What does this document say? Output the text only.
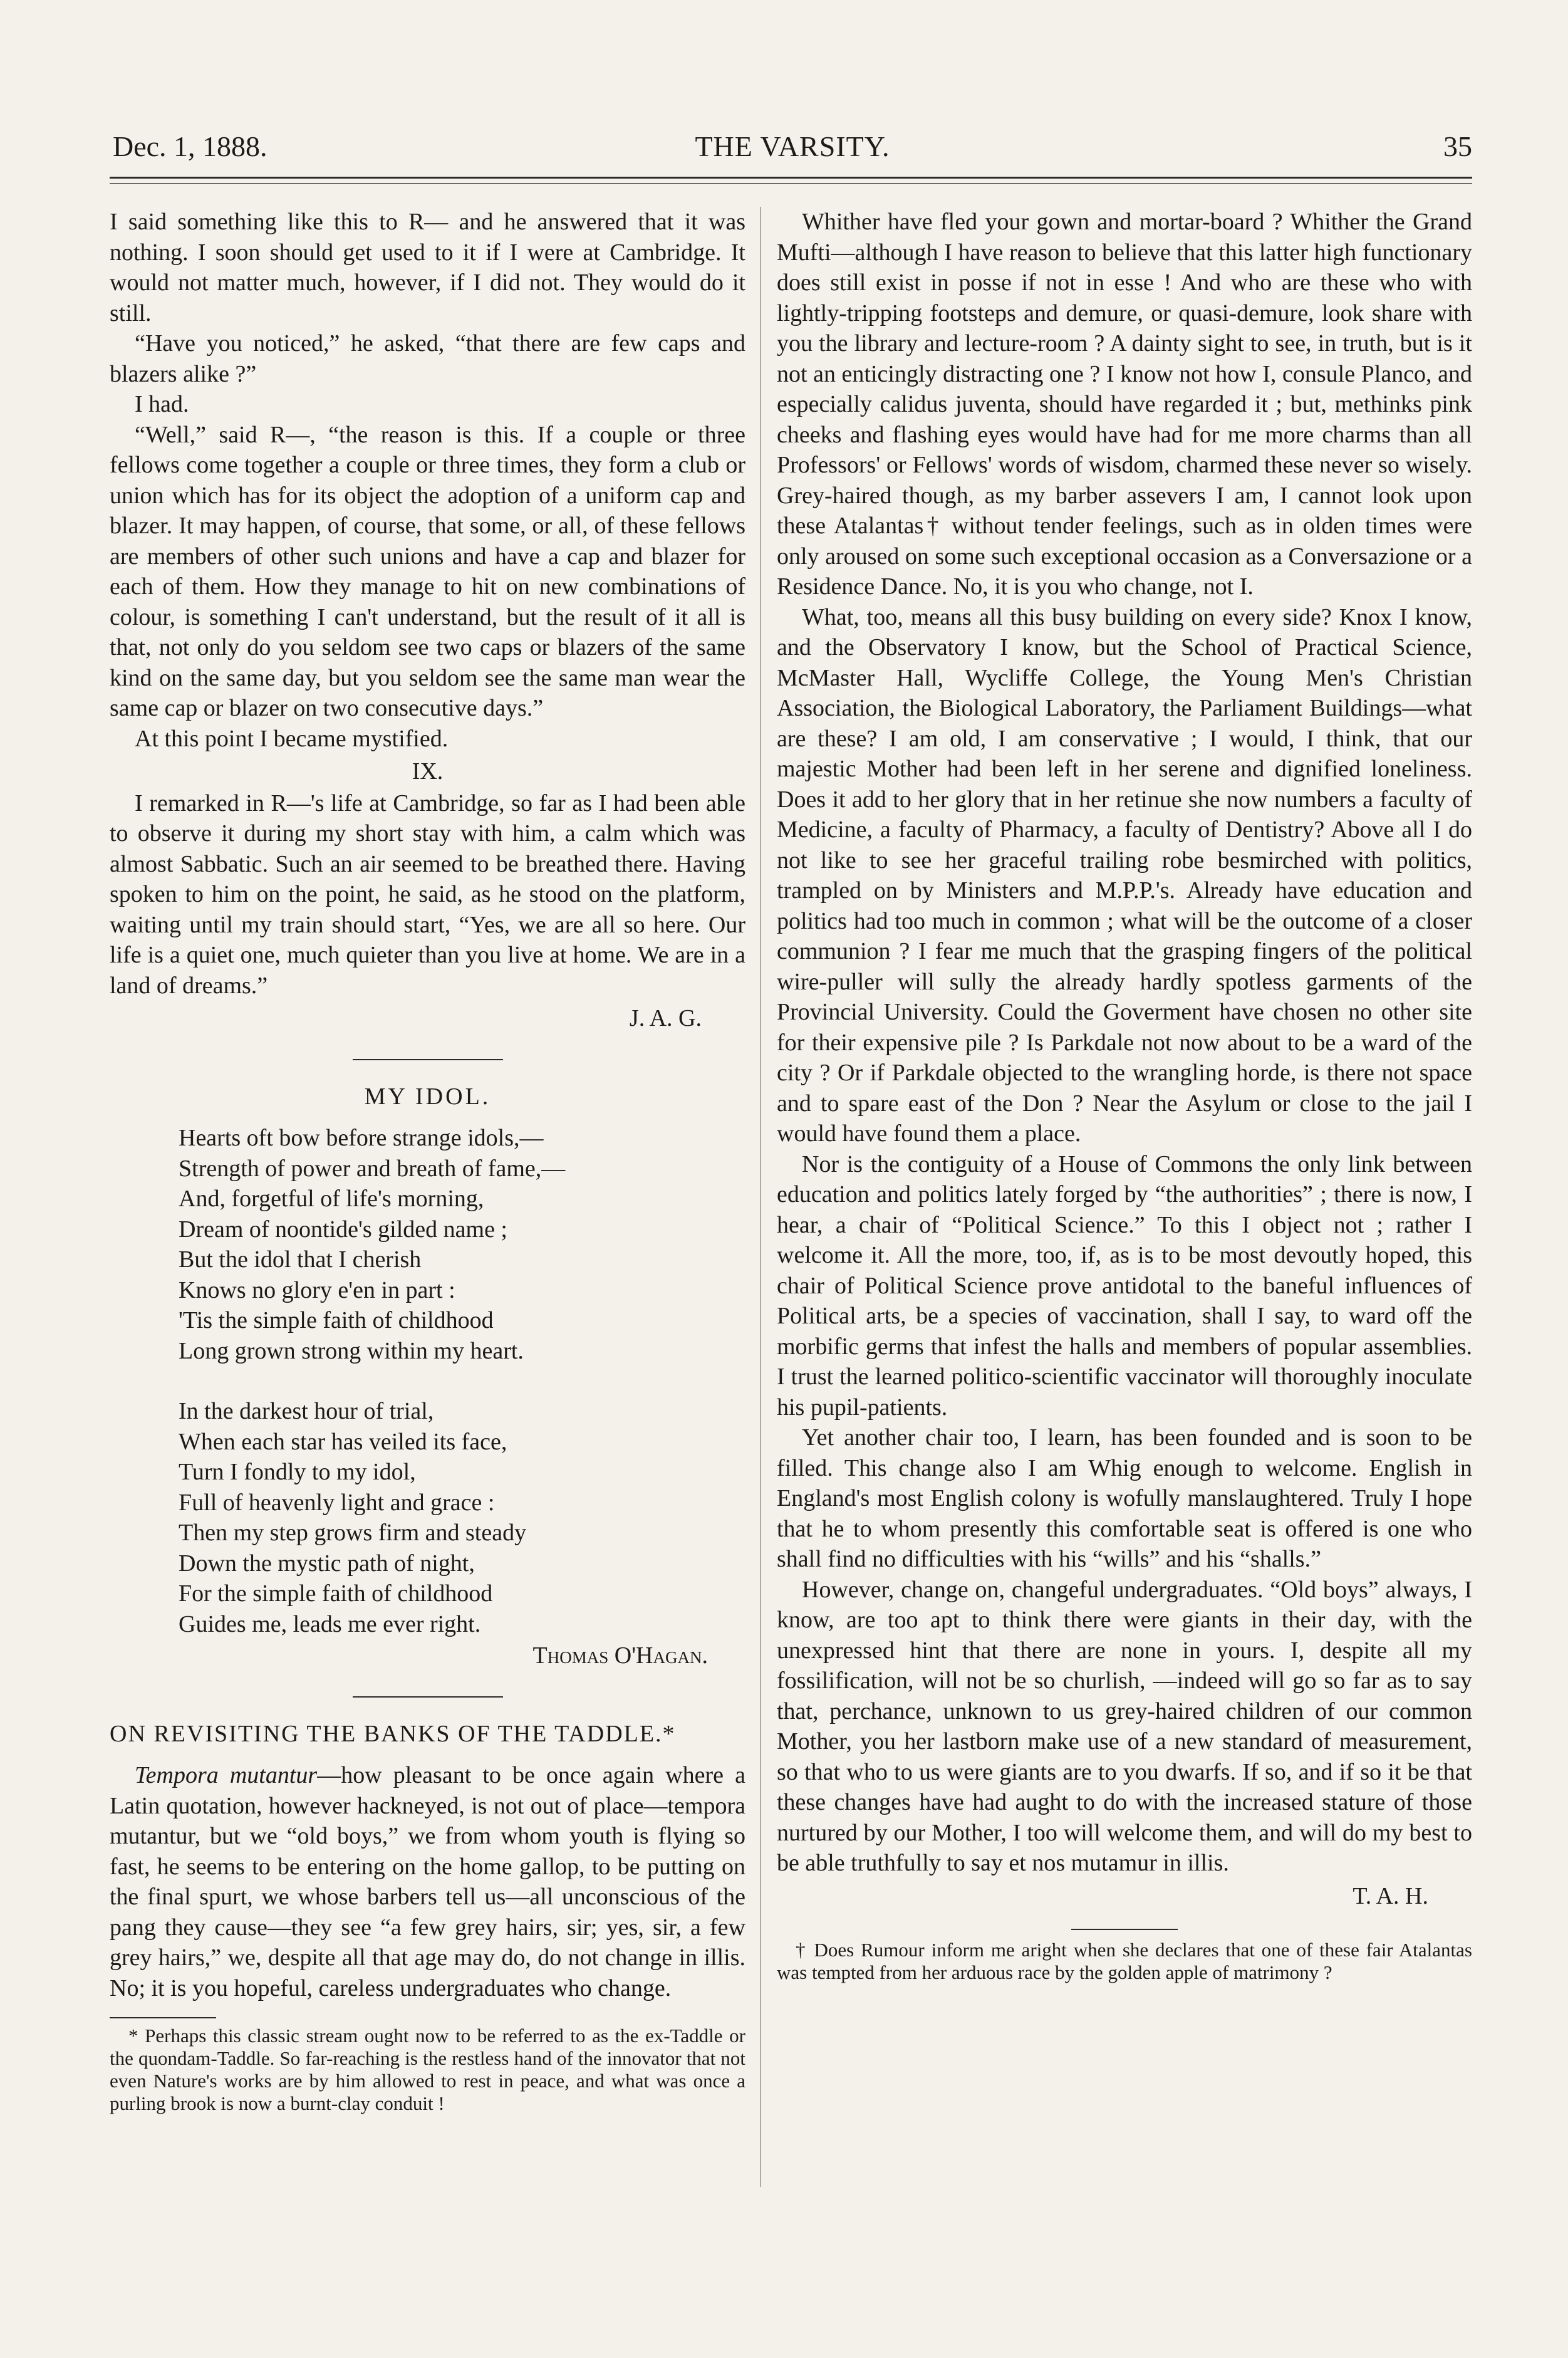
Dec. 1, 1888.	THE VARSITY.	35

I said something like this to R— and he answered that it was nothing. I soon should get used to it if I were at Cambridge. It would not matter much, however, if I did not. They would do it still.

“Have you noticed,” he asked, “that there are few caps and blazers alike ?”

I had.

“Well,” said R—, “the reason is this. If a couple or three fellows come together a couple or three times, they form a club or union which has for its object the adoption of a uniform cap and blazer. It may happen, of course, that some, or all, of these fellows are members of other such unions and have a cap and blazer for each of them. How they manage to hit on new combinations of colour, is something I can't understand, but the result of it all is that, not only do you seldom see two caps or blazers of the same kind on the same day, but you seldom see the same man wear the same cap or blazer on two consecutive days.”

At this point I became mystified.

IX.

I remarked in R—'s life at Cambridge, so far as I had been able to observe it during my short stay with him, a calm which was almost Sabbatic. Such an air seemed to be breathed there. Having spoken to him on the point, he said, as he stood on the platform, waiting until my train should start, “Yes, we are all so here. Our life is a quiet one, much quieter than you live at home. We are in a land of dreams.”

J. A. G.
MY IDOL.
Hearts oft bow before strange idols,—
Strength of power and breath of fame,—
And, forgetful of life's morning,
Dream of noontide's gilded name ;
But the idol that I cherish
Knows no glory e'en in part :
'Tis the simple faith of childhood
Long grown strong within my heart.
In the darkest hour of trial,
When each star has veiled its face,
Turn I fondly to my idol,
Full of heavenly light and grace :
Then my step grows firm and steady
Down the mystic path of night,
For the simple faith of childhood
Guides me, leads me ever right.
Thomas O'Hagan.
ON REVISITING THE BANKS OF THE TADDLE.*

Tempora mutantur—how pleasant to be once again where a Latin quotation, however hackneyed, is not out of place—tempora mutantur, but we “old boys,” we from whom youth is flying so fast, he seems to be entering on the home gallop, to be putting on the final spurt, we whose barbers tell us—all unconscious of the pang they cause—they see “a few grey hairs, sir; yes, sir, a few grey hairs,” we, despite all that age may do, do not change in illis. No; it is you hopeful, careless undergraduates who change.

* Perhaps this classic stream ought now to be referred to as the ex-Taddle or the quondam-Taddle. So far-reaching is the restless hand of the innovator that not even Nature's works are by him allowed to rest in peace, and what was once a purling brook is now a burnt-clay conduit !

Whither have fled your gown and mortar-board ? Whither the Grand Mufti—although I have reason to believe that this latter high functionary does still exist in posse if not in esse ! And who are these who with lightly-tripping footsteps and demure, or quasi-demure, look share with you the library and lecture-room ? A dainty sight to see, in truth, but is it not an enticingly distracting one ? I know not how I, consule Planco, and especially calidus juventa, should have regarded it ; but, methinks pink cheeks and flashing eyes would have had for me more charms than all Professors' or Fellows' words of wisdom, charmed these never so wisely. Grey-haired though, as my barber assevers I am, I cannot look upon these Atalantas† without tender feelings, such as in olden times were only aroused on some such exceptional occasion as a Conversazione or a Residence Dance. No, it is you who change, not I.

What, too, means all this busy building on every side? Knox I know, and the Observatory I know, but the School of Practical Science, McMaster Hall, Wycliffe College, the Young Men's Christian Association, the Biological Laboratory, the Parliament Buildings—what are these? I am old, I am conservative ; I would, I think, that our majestic Mother had been left in her serene and dignified loneliness. Does it add to her glory that in her retinue she now numbers a faculty of Medicine, a faculty of Pharmacy, a faculty of Dentistry? Above all I do not like to see her graceful trailing robe besmirched with politics, trampled on by Ministers and M.P.P.'s. Already have education and politics had too much in common ; what will be the outcome of a closer communion ? I fear me much that the grasping fingers of the political wire-puller will sully the already hardly spotless garments of the Provincial University. Could the Goverment have chosen no other site for their expensive pile ? Is Parkdale not now about to be a ward of the city ? Or if Parkdale objected to the wrangling horde, is there not space and to spare east of the Don ? Near the Asylum or close to the jail I would have found them a place.

Nor is the contiguity of a House of Commons the only link between education and politics lately forged by “the authorities” ; there is now, I hear, a chair of “Political Science.” To this I object not ; rather I welcome it. All the more, too, if, as is to be most devoutly hoped, this chair of Political Science prove antidotal to the baneful influences of Political arts, be a species of vaccination, shall I say, to ward off the morbific germs that infest the halls and members of popular assemblies. I trust the learned politico-scientific vaccinator will thoroughly inoculate his pupil-patients.

Yet another chair too, I learn, has been founded and is soon to be filled. This change also I am Whig enough to welcome. English in England's most English colony is wofully manslaughtered. Truly I hope that he to whom presently this comfortable seat is offered is one who shall find no difficulties with his “wills” and his “shalls.”

However, change on, changeful undergraduates. “Old boys” always, I know, are too apt to think there were giants in their day, with the unexpressed hint that there are none in yours. I, despite all my fossilification, will not be so churlish, —indeed will go so far as to say that, perchance, unknown to us grey-haired children of our common Mother, you her lastborn make use of a new standard of measurement, so that who to us were giants are to you dwarfs. If so, and if so it be that these changes have had aught to do with the increased stature of those nurtured by our Mother, I too will welcome them, and will do my best to be able truthfully to say et nos mutamur in illis.

T. A. H.

† Does Rumour inform me aright when she declares that one of these fair Atalantas was tempted from her arduous race by the golden apple of matrimony ?
